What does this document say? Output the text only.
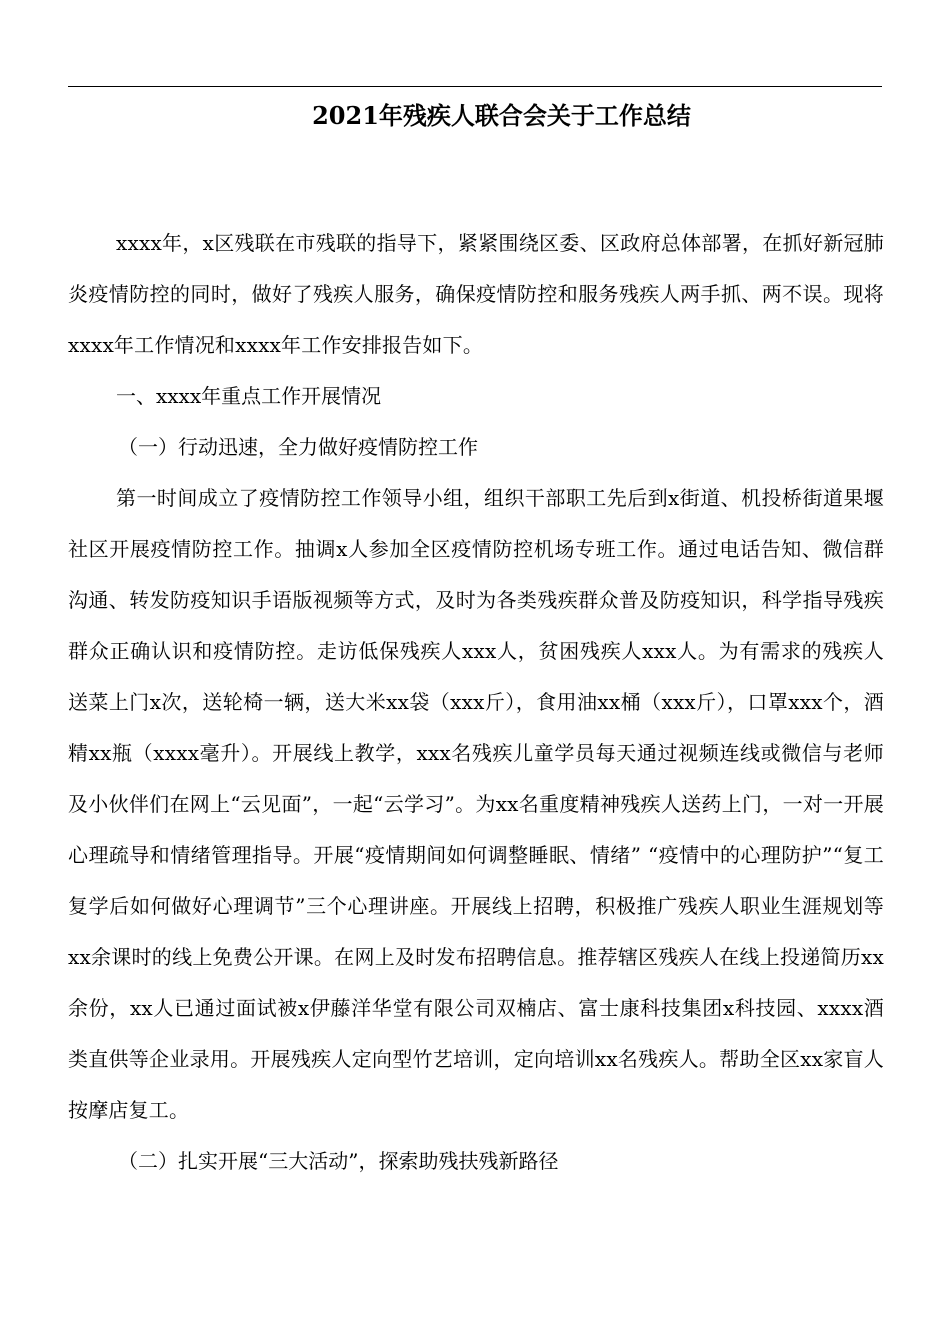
2021年残疾人联合会关于工作总结

xxxx年，x区残联在市残联的指导下，紧紧围绕区委、区政府总体部署，在抓好新冠肺炎疫情防控的同时，做好了残疾人服务，确保疫情防控和服务残疾人两手抓、两不误。现将xxxx年工作情况和xxxx年工作安排报告如下。

一、xxxx年重点工作开展情况

（一）行动迅速，全力做好疫情防控工作

第一时间成立了疫情防控工作领导小组，组织干部职工先后到x街道、机投桥街道果堰社区开展疫情防控工作。抽调x人参加全区疫情防控机场专班工作。通过电话告知、微信群沟通、转发防疫知识手语版视频等方式，及时为各类残疾群众普及防疫知识，科学指导残疾群众正确认识和疫情防控。走访低保残疾人xxx人，贫困残疾人xxx人。为有需求的残疾人送菜上门x次，送轮椅一辆，送大米xx袋（xxx斤），食用油xx桶（xxx斤），口罩xxx个，酒精xx瓶（xxxx毫升）。开展线上教学，xxx名残疾儿童学员每天通过视频连线或微信与老师及小伙伴们在网上“云见面”，一起“云学习”。为xx名重度精神残疾人送药上门，一对一开展心理疏导和情绪管理指导。开展“疫情期间如何调整睡眠、情绪” “疫情中的心理防护”“复工复学后如何做好心理调节”三个心理讲座。开展线上招聘，积极推广残疾人职业生涯规划等xx余课时的线上免费公开课。在网上及时发布招聘信息。推荐辖区残疾人在线上投递简历xx余份，xx人已通过面试被x伊藤洋华堂有限公司双楠店、富士康科技集团x科技园、xxxx酒类直供等企业录用。开展残疾人定向型竹艺培训，定向培训xx名残疾人。帮助全区xx家盲人按摩店复工。

（二）扎实开展“三大活动”，探索助残扶残新路径
